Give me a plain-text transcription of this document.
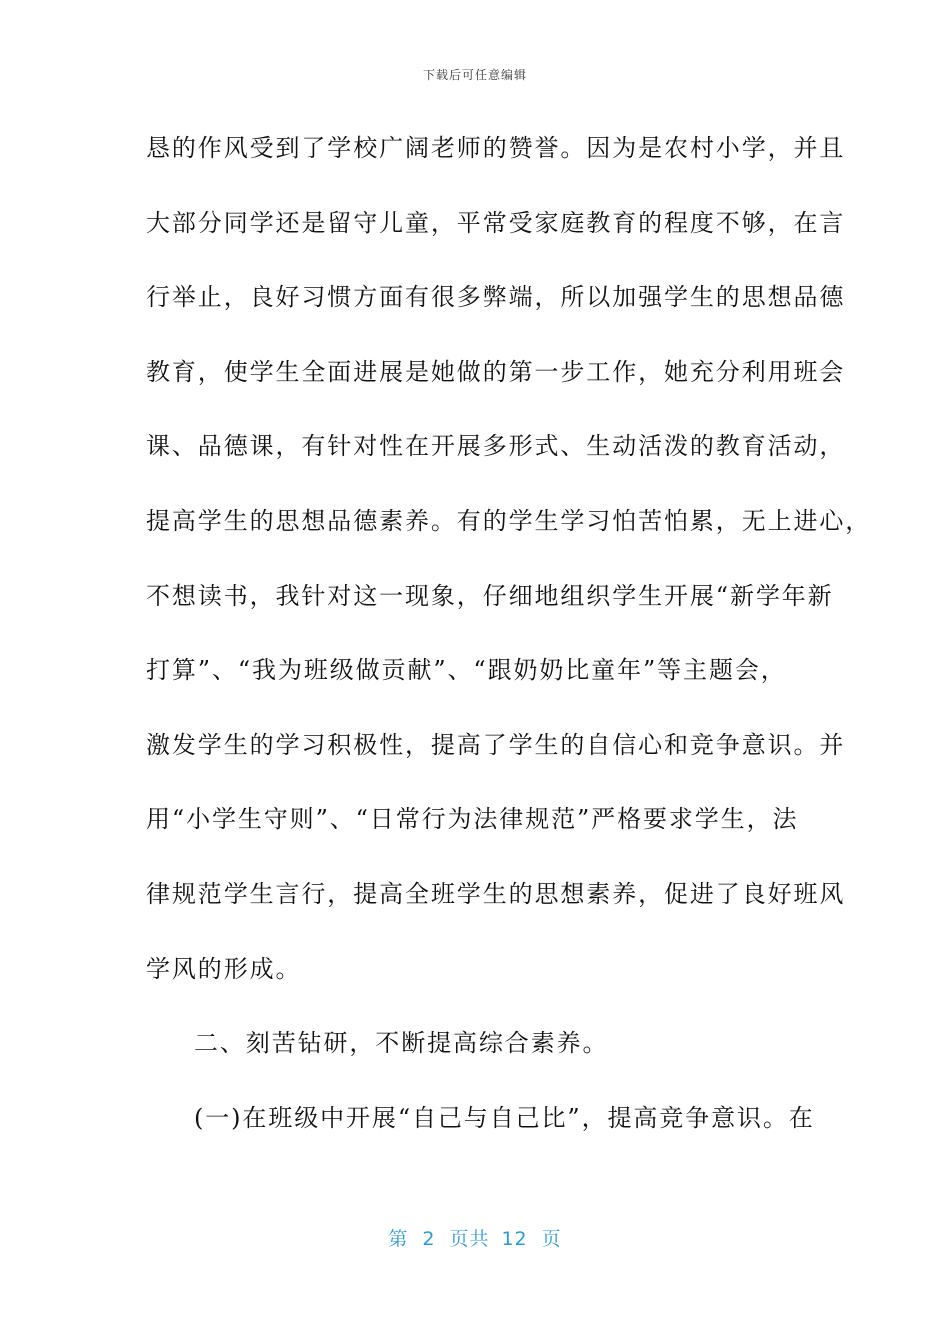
下载后可任意编辑
恳的作风受到了学校广阔老师的赞誉。因为是农村小学，并且
大部分同学还是留守儿童，平常受家庭教育的程度不够，在言
行举止，良好习惯方面有很多弊端，所以加强学生的思想品德
教育，使学生全面进展是她做的第一步工作，她充分利用班会
课、品德课，有针对性在开展多形式、生动活泼的教育活动，
提高学生的思想品德素养。有的学生学习怕苦怕累，无上进心，
不想读书，我针对这一现象，仔细地组织学生开展“新学年新
打算”、“我为班级做贡献”、“跟奶奶比童年”等主题会，
激发学生的学习积极性，提高了学生的自信心和竞争意识。并
用“小学生守则”、“日常行为法律规范”严格要求学生，法
律规范学生言行，提高全班学生的思想素养，促进了良好班风
学风的形成。
二、刻苦钻研，不断提高综合素养。
(一)在班级中开展“自己与自己比”，提高竞争意识。在
第 2 页共 12 页
